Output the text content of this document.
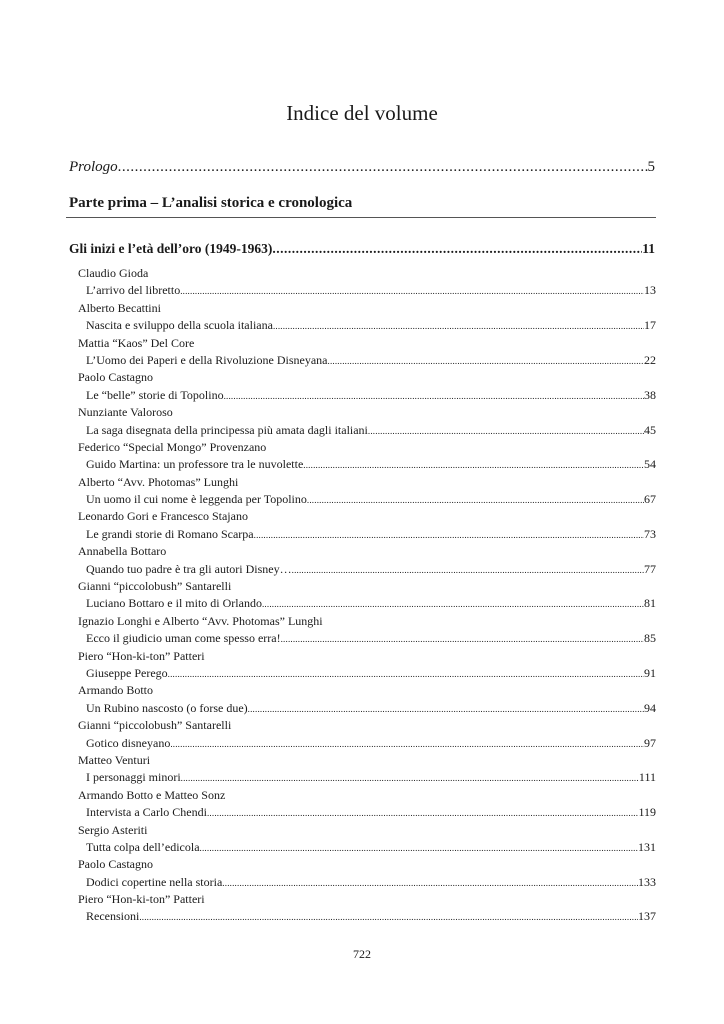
Indice del volume
Prologo .....	5
Parte prima – L’analisi storica e cronologica
Gli inizi e l’età dell’oro (1949-1963) .....	11
Claudio Gioda
L’arrivo del libretto .....	13
Alberto Becattini
Nascita e sviluppo della scuola italiana .....	17
Mattia “Kaos” Del Core
L’Uomo dei Paperi e della Rivoluzione Disneyana .....	22
Paolo Castagno
Le “belle” storie di Topolino .....	38
Nunziante Valoroso
La saga disegnata della principessa più amata dagli italiani .....	45
Federico “Special Mongo” Provenzano
Guido Martina: un professore tra le nuvolette .....	54
Alberto “Avv. Photomas” Lunghi
Un uomo il cui nome è leggenda per Topolino .....	67
Leonardo Gori e Francesco Stajano
Le grandi storie di Romano Scarpa .....	73
Annabella Bottaro
Quando tuo padre è tra gli autori Disney… .....	77
Gianni “piccolobush” Santarelli
Luciano Bottaro e il mito di Orlando .....	81
Ignazio Longhi e Alberto “Avv. Photomas” Lunghi
Ecco il giudicio uman come spesso erra! .....	85
Piero “Hon-ki-ton” Patteri
Giuseppe Perego .....	91
Armando Botto
Un Rubino nascosto (o forse due) .....	94
Gianni “piccolobush” Santarelli
Gotico disneyano .....	97
Matteo Venturi
I personaggi minori .....	111
Armando Botto e Matteo Sonz
Intervista a Carlo Chendi .....	119
Sergio Asteriti
Tutta colpa dell’edicola .....	131
Paolo Castagno
Dodici copertine nella storia .....	133
Piero “Hon-ki-ton” Patteri
Recensioni .....	137
722
